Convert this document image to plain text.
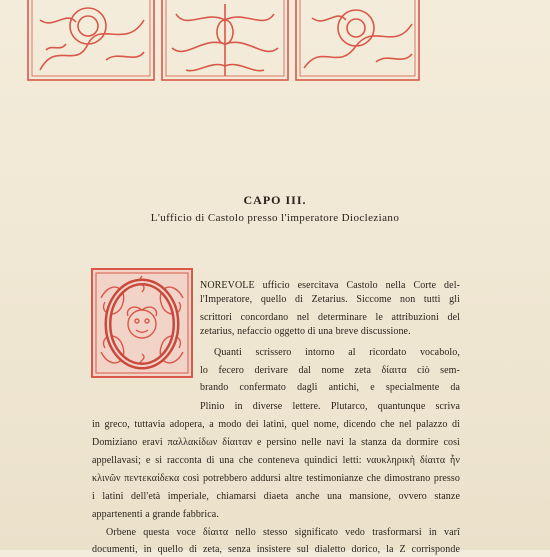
CAPO III.
L'ufficio di Castolo presso l'imperatore Diocleziano
NOREVOLE ufficio esercitava Castolo nella Corte del-
l'Imperatore, quello di Zetarius. Siccome non tutti gli
scrittori concordano nel determinare le attribuzioni del
zetarius, nefaccio oggetto di una breve discussione.
Quanti scrissero intorno al ricordato vocabolo,
lo fecero derivare dal nome zeta δίαιτα ciò sem-
brando confermato dagli antichi, e specialmente da
Plinio in diverse lettere. Plutarco, quantunque scriva
in greco, tuttavia adopera, a modo dei latini, quel nome, dicendo che nel palazzo di
Domiziano eravi παλλακίδων δίαιταν e persino nelle navi la stanza da dormire così
appellavasi; e si racconta di una che conteneva quindici letti: ναυκληρικὴ δίαιτα ἦν
κλινῶν πεντεκαίδεκα così potrebbero addursi altre testimonianze che dimostrano presso
i latini dell'età imperiale, chiamarsi diaeta anche una mansione, ovvero stanze
appartenenti a grande fabbrica.
Orbene questa voce δίαιτα nello stesso significato vedo trasformarsi in varî
documenti, in quello di zeta, senza insistere sul dialetto dorico, la Ζ corrisponde
